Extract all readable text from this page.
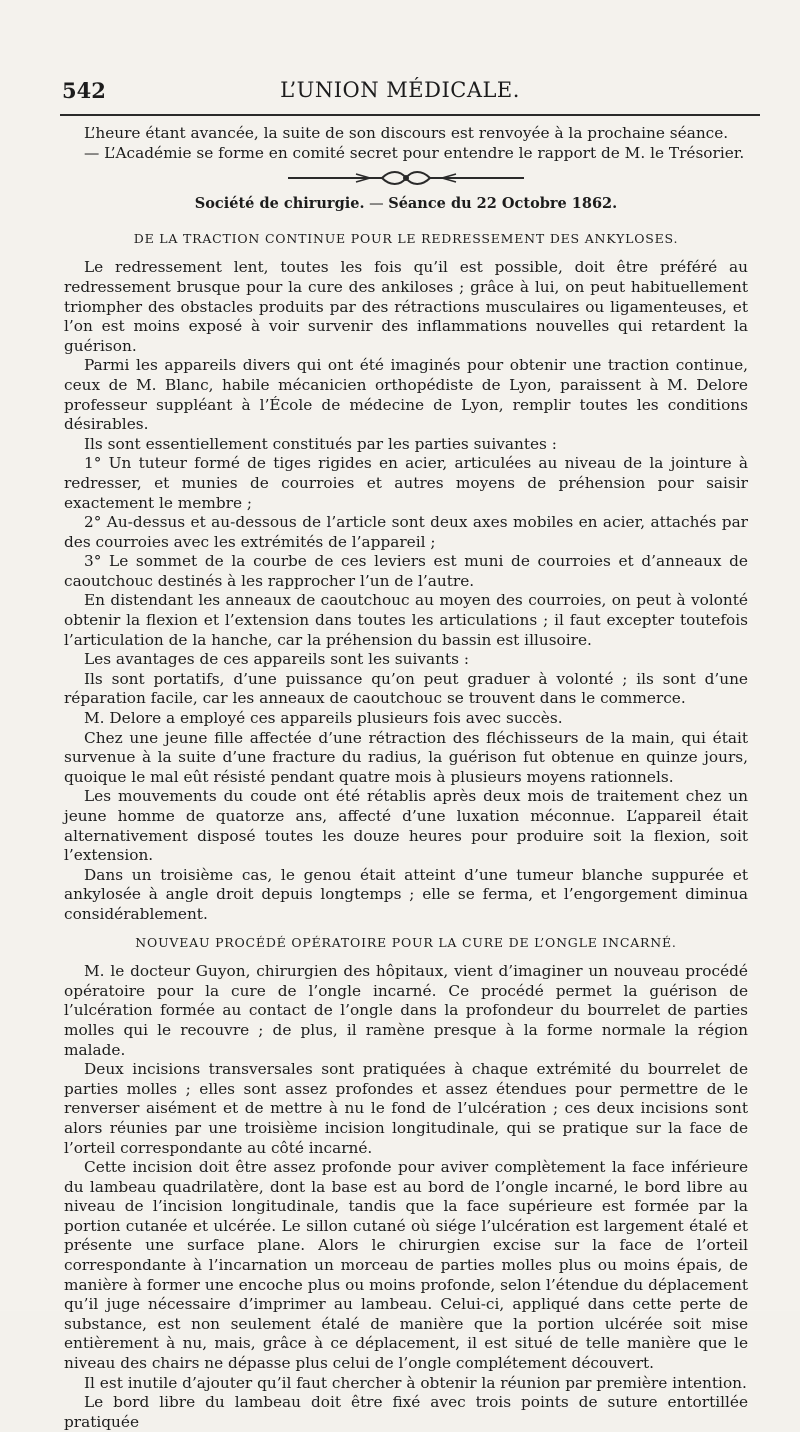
542	L’UNION MÉDICALE.

L’heure étant avancée, la suite de son discours est renvoyée à la prochaine séance.

— L’Académie se forme en comité secret pour entendre le rapport de M. le Trésorier.

Société de chirurgie. — Séance du 22 Octobre 1862.
DE LA TRACTION CONTINUE POUR LE REDRESSEMENT DES ANKYLOSES.

Le redressement lent, toutes les fois qu’il est possible, doit être préféré au redressement brusque pour la cure des ankiloses ; grâce à lui, on peut habituellement triompher des obstacles produits par des rétractions musculaires ou ligamenteuses, et l’on est moins exposé à voir survenir des inflammations nouvelles qui retardent la guérison.

Parmi les appareils divers qui ont été imaginés pour obtenir une traction continue, ceux de M. Blanc, habile mécanicien orthopédiste de Lyon, paraissent à M. Delore professeur suppléant à l’École de médecine de Lyon, remplir toutes les conditions désirables.

Ils sont essentiellement constitués par les parties suivantes :

1° Un tuteur formé de tiges rigides en acier, articulées au niveau de la jointure à redresser, et munies de courroies et autres moyens de préhension pour saisir exactement le membre ;

2° Au-dessus et au-dessous de l’article sont deux axes mobiles en acier, attachés par des courroies avec les extrémités de l’appareil ;

3° Le sommet de la courbe de ces leviers est muni de courroies et d’anneaux de caoutchouc destinés à les rapprocher l’un de l’autre.

En distendant les anneaux de caoutchouc au moyen des courroies, on peut à volonté obtenir la flexion et l’extension dans toutes les articulations ; il faut excepter toutefois l’articulation de la hanche, car la préhension du bassin est illusoire.

Les avantages de ces appareils sont les suivants :

Ils sont portatifs, d’une puissance qu’on peut graduer à volonté ; ils sont d’une réparation facile, car les anneaux de caoutchouc se trouvent dans le commerce.

M. Delore a employé ces appareils plusieurs fois avec succès.

Chez une jeune fille affectée d’une rétraction des fléchisseurs de la main, qui était survenue à la suite d’une fracture du radius, la guérison fut obtenue en quinze jours, quoique le mal eût résisté pendant quatre mois à plusieurs moyens rationnels.

Les mouvements du coude ont été rétablis après deux mois de traitement chez un jeune homme de quatorze ans, affecté d’une luxation méconnue. L’appareil était alternativement disposé toutes les douze heures pour produire soit la flexion, soit l’extension.

Dans un troisième cas, le genou était atteint d’une tumeur blanche suppurée et ankylosée à angle droit depuis longtemps ; elle se ferma, et l’engorgement diminua considérablement.

NOUVEAU PROCÉDÉ OPÉRATOIRE POUR LA CURE DE L’ONGLE INCARNÉ.

M. le docteur Guyon, chirurgien des hôpitaux, vient d’imaginer un nouveau procédé opératoire pour la cure de l’ongle incarné. Ce procédé permet la guérison de l’ulcération formée au contact de l’ongle dans la profondeur du bourrelet de parties molles qui le recouvre ; de plus, il ramène presque à la forme normale la région malade.

Deux incisions transversales sont pratiquées à chaque extrémité du bourrelet de parties molles ; elles sont assez profondes et assez étendues pour permettre de le renverser aisément et de mettre à nu le fond de l’ulcération ; ces deux incisions sont alors réunies par une troisième incision longitudinale, qui se pratique sur la face de l’orteil correspondante au côté incarné.

Cette incision doit être assez profonde pour aviver complètement la face inférieure du lambeau quadrilatère, dont la base est au bord de l’ongle incarné, le bord libre au niveau de l’incision longitudinale, tandis que la face supérieure est formée par la portion cutanée et ulcérée. Le sillon cutané où siége l’ulcération est largement étalé et présente une surface plane. Alors le chirurgien excise sur la face de l’orteil correspondante à l’incarnation un morceau de parties molles plus ou moins épais, de manière à former une encoche plus ou moins profonde, selon l’étendue du déplacement qu’il juge nécessaire d’imprimer au lambeau. Celui-ci, appliqué dans cette perte de substance, est non seulement étalé de manière que la portion ulcérée soit mise entièrement à nu, mais, grâce à ce déplacement, il est situé de telle manière que le niveau des chairs ne dépasse plus celui de l’ongle complétement découvert.

Il est inutile d’ajouter qu’il faut chercher à obtenir la réunion par première intention.

Le bord libre du lambeau doit être fixé avec trois points de suture entortillée pratiquée
